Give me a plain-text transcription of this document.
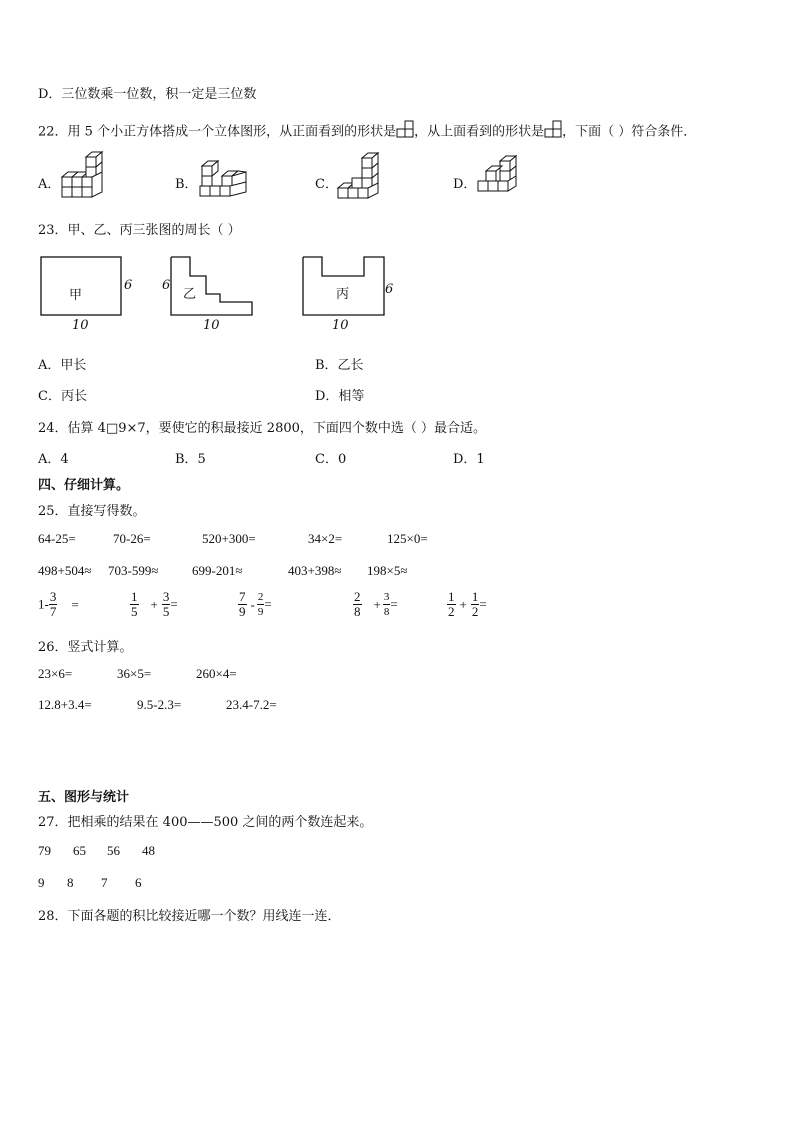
D．三位数乘一位数，积一定是三位数
22．用 5 个小正方体搭成一个立体图形，从正面看到的形状是 ，从上面看到的形状是 ，下面（ ）符合条件．
A．	B．	C．	D．
23．甲、乙、丙三张图的周长（ ）
甲
6
10
乙
6
10
丙	6
10
A．甲长	B．乙长
C．丙长	D．相等
24．估算 4□9×7，要使它的积最接近 2800，下面四个数中选（ ）最合适。
A．4	B．5	C．0	D．1
四、仔细计算。
25．直接写得数。
64-25=	70-26=	520+300=	34×2=	125×0=
498+504≈ 703-599≈	699-201≈	403+398≈ 198×5≈
$1- \frac{3}{7}$ =	$\frac{1}{5} + \frac{3}{5}$ =	$\frac{7}{9} - \frac{2}{9}$ =	$\frac{2}{8} + \frac{3}{8}$ =	$\frac{1}{2} + \frac{1}{2}$ =
26．竖式计算。
23×6=	36×5=	260×4=
12.8+3.4=	9.5-2.3=	23.4-7.2=
五、图形与统计
27．把相乘的结果在 400——500 之间的两个数连起来。
79 65 56 48
9 8 7 6
28．下面各题的积比较接近哪一个数？用线连一连．
